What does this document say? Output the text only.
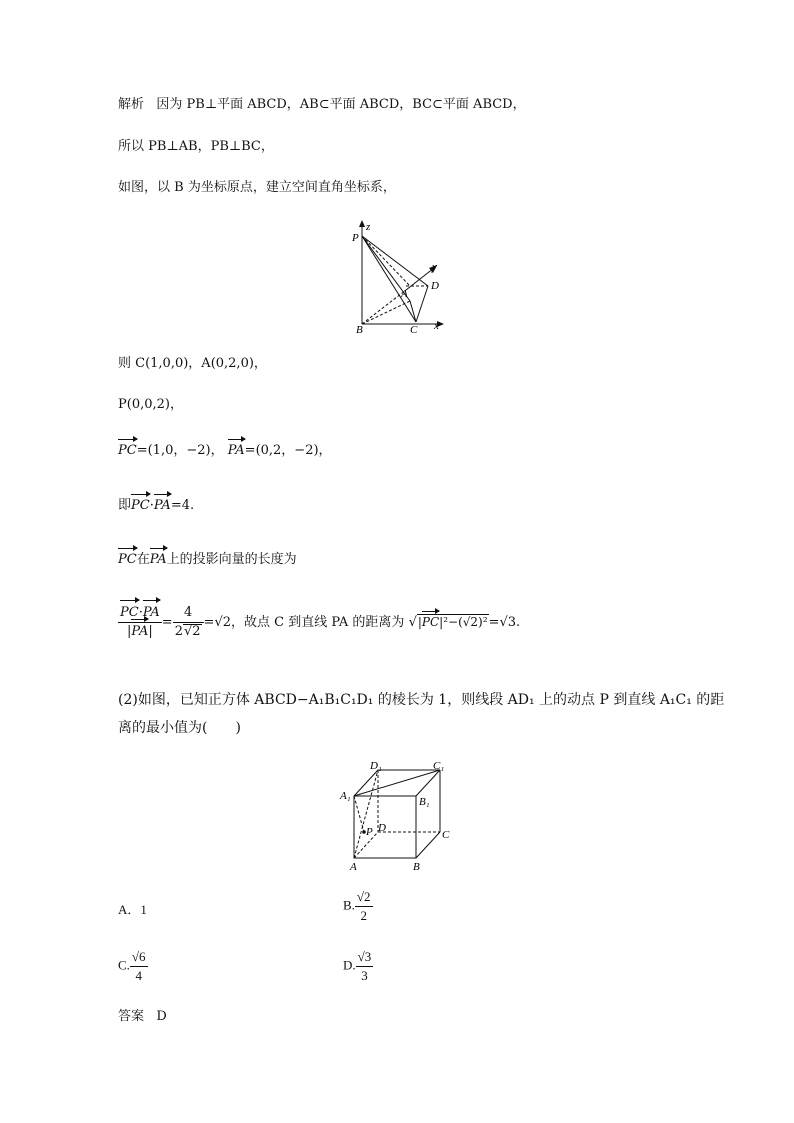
解析 因为 PB⊥平面 ABCD，AB⊂平面 ABCD，BC⊂平面 ABCD，
所以 PB⊥AB，PB⊥BC，
如图，以 B 为坐标原点，建立空间直角坐标系，
P
z
y
A
D
B	C x
则 C(1,0,0)，A(0,2,0)，
P(0,0,2)，
PC=(1,0，−2)， PA=(0,2，−2)，
即PC·PA=4.
PC在PA上的投影向量的长度为
$\frac{PC\cdot PA}{|PA|} = \frac{4}{2√2} =√2$，故点 C 到直线 PA 的距离为 √|PC|²−(√2)²=√3.
(2)如图，已知正方体 ABCD−A₁B₁C₁D₁ 的棱长为 1，则线段 AD₁ 上的动点 P 到直线 A₁C₁ 的距
离的最小值为(　　)
D₁	C₁
A₁	B₁
P D
C
A	B
A．1	B. $\frac{√2}{2}$
C. $\frac{√6}{4}$	D. $\frac{√3}{3}$
答案 D
